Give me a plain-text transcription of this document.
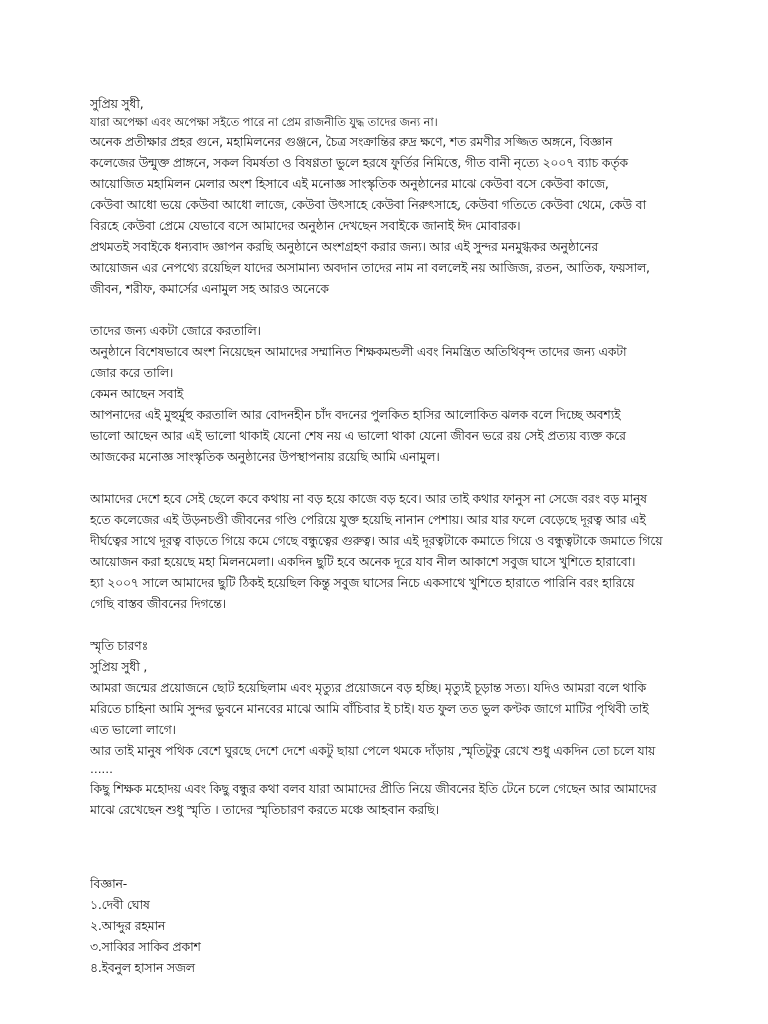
সুপ্রিয় সুধী,
যারা অপেক্ষা এবং অপেক্ষা সইতে পারে না প্রেম রাজনীতি যুদ্ধ তাদের জন্য না।
অনেক প্রতীক্ষার প্রহর গুনে, মহামিলনের গুঞ্জনে, চৈত্র সংক্রান্তির রুদ্র ক্ষণে, শত রমণীর সজ্জিত অঙ্গনে, বিজ্ঞান
কলেজের উন্মুক্ত প্রাঙ্গনে, সকল বিমর্ষতা ও বিষণ্ণতা ভুলে হরষে ফুর্তির নিমিত্তে, গীত বানী নৃত্যে ২০০৭ ব্যাচ কর্তৃক
আয়োজিত মহামিলন মেলার অংশ হিসাবে এই মনোজ্ঞ সাংস্কৃতিক অনুষ্ঠানের মাঝে কেউবা বসে কেউবা কাজে,
কেউবা আধো ভয়ে কেউবা আধো লাজে, কেউবা উৎসাহে কেউবা নিরুৎসাহে, কেউবা গতিতে কেউবা থেমে, কেউ বা
বিরহে কেউবা প্রেমে যেভাবে বসে আমাদের অনুষ্ঠান দেখছেন সবাইকে জানাই ঈদ মোবারক।
প্রথমতই সবাইকে ধন্যবাদ জ্ঞাপন করছি অনুষ্ঠানে অংশগ্রহণ করার জন্য। আর এই সুন্দর মনমুগ্ধকর অনুষ্ঠানের
আয়োজন এর নেপথ্যে রয়েছিল যাদের অসামান্য অবদান তাদের নাম না বললেই নয় আজিজ, রতন, আতিক, ফয়সাল,
জীবন, শরীফ, কমার্সের এনামুল সহ আরও অনেকে
তাদের জন্য একটা জোরে করতালি।
অনুষ্ঠানে বিশেষভাবে অংশ নিয়েছেন আমাদের সম্মানিত শিক্ষকমন্ডলী এবং নিমন্ত্রিত অতিথিবৃন্দ তাদের জন্য একটা
জোর করে তালি।
কেমন আছেন সবাই
আপনাদের এই মুহুর্মুহু করতালি আর বোদনহীন চাঁদ বদনের পুলকিত হাসির আলোকিত ঝলক বলে দিচ্ছে অবশ্যই
ভালো আছেন আর এই ভালো থাকাই যেনো শেষ নয় এ ভালো থাকা যেনো জীবন ভরে রয় সেই প্রত্যয় ব্যক্ত করে
আজকের মনোজ্ঞ সাংস্কৃতিক অনুষ্ঠানের উপস্থাপনায় রয়েছি আমি এনামুল।
আমাদের দেশে হবে সেই ছেলে কবে কথায় না বড় হয়ে কাজে বড় হবে। আর তাই কথার ফানুস না সেজে বরং বড় মানুষ
হতে কলেজের এই উড়নচণ্ডী জীবনের গণ্ডি পেরিয়ে যুক্ত হয়েছি নানান পেশায়। আর যার ফলে বেড়েছে দূরত্ব আর এই
দীর্ঘত্বের সাথে দূরত্ব বাড়তে গিয়ে কমে গেছে বন্ধুত্বের গুরুত্ব। আর এই দূরত্বটাকে কমাতে গিয়ে ও বন্ধুত্বটাকে জমাতে গিয়ে
আয়োজন করা হয়েছে মহা মিলনমেলা। একদিন ছুটি হবে অনেক দূরে যাব নীল আকাশে সবুজ ঘাসে খুশিতে হারাবো।
হ্যা ২০০৭ সালে আমাদের ছুটি ঠিকই হয়েছিল কিন্তু সবুজ ঘাসের নিচে একসাথে খুশিতে হারাতে পারিনি বরং হারিয়ে
গেছি বাস্তব জীবনের দিগন্তে।
স্মৃতি চারণঃ
সুপ্রিয় সুধী ,
আমরা জন্মের প্রয়োজনে ছোট হয়েছিলাম এবং মৃত্যুর প্রয়োজনে বড় হচ্ছি। মৃত্যুই চূড়ান্ত সত্য। যদিও আমরা বলে থাকি
মরিতে চাহিনা আমি সুন্দর ভুবনে মানবের মাঝে আমি বাঁচিবার ই চাই। যত ফুল তত ভুল কণ্টক জাগে মাটির পৃথিবী তাই
এত ভালো লাগে।
আর তাই মানুষ পথিক বেশে ঘুরছে দেশে দেশে একটু ছায়া পেলে থমকে দাঁড়ায় ,স্মৃতিটুকু রেখে শুধু একদিন তো চলে যায়
……
কিছু শিক্ষক মহোদয় এবং কিছু বন্ধুর কথা বলব যারা আমাদের প্রীতি নিয়ে জীবনের ইতি টেনে চলে গেছেন আর আমাদের
মাঝে রেখেছেন শুধু স্মৃতি । তাদের স্মৃতিচারণ করতে মঞ্চে আহবান করছি।
বিজ্ঞান-
১.দেবী ঘোষ
২.আব্দুর রহমান
৩.সাব্বির সাকিব প্রকাশ
৪.ইবনুল হাসান সজল
